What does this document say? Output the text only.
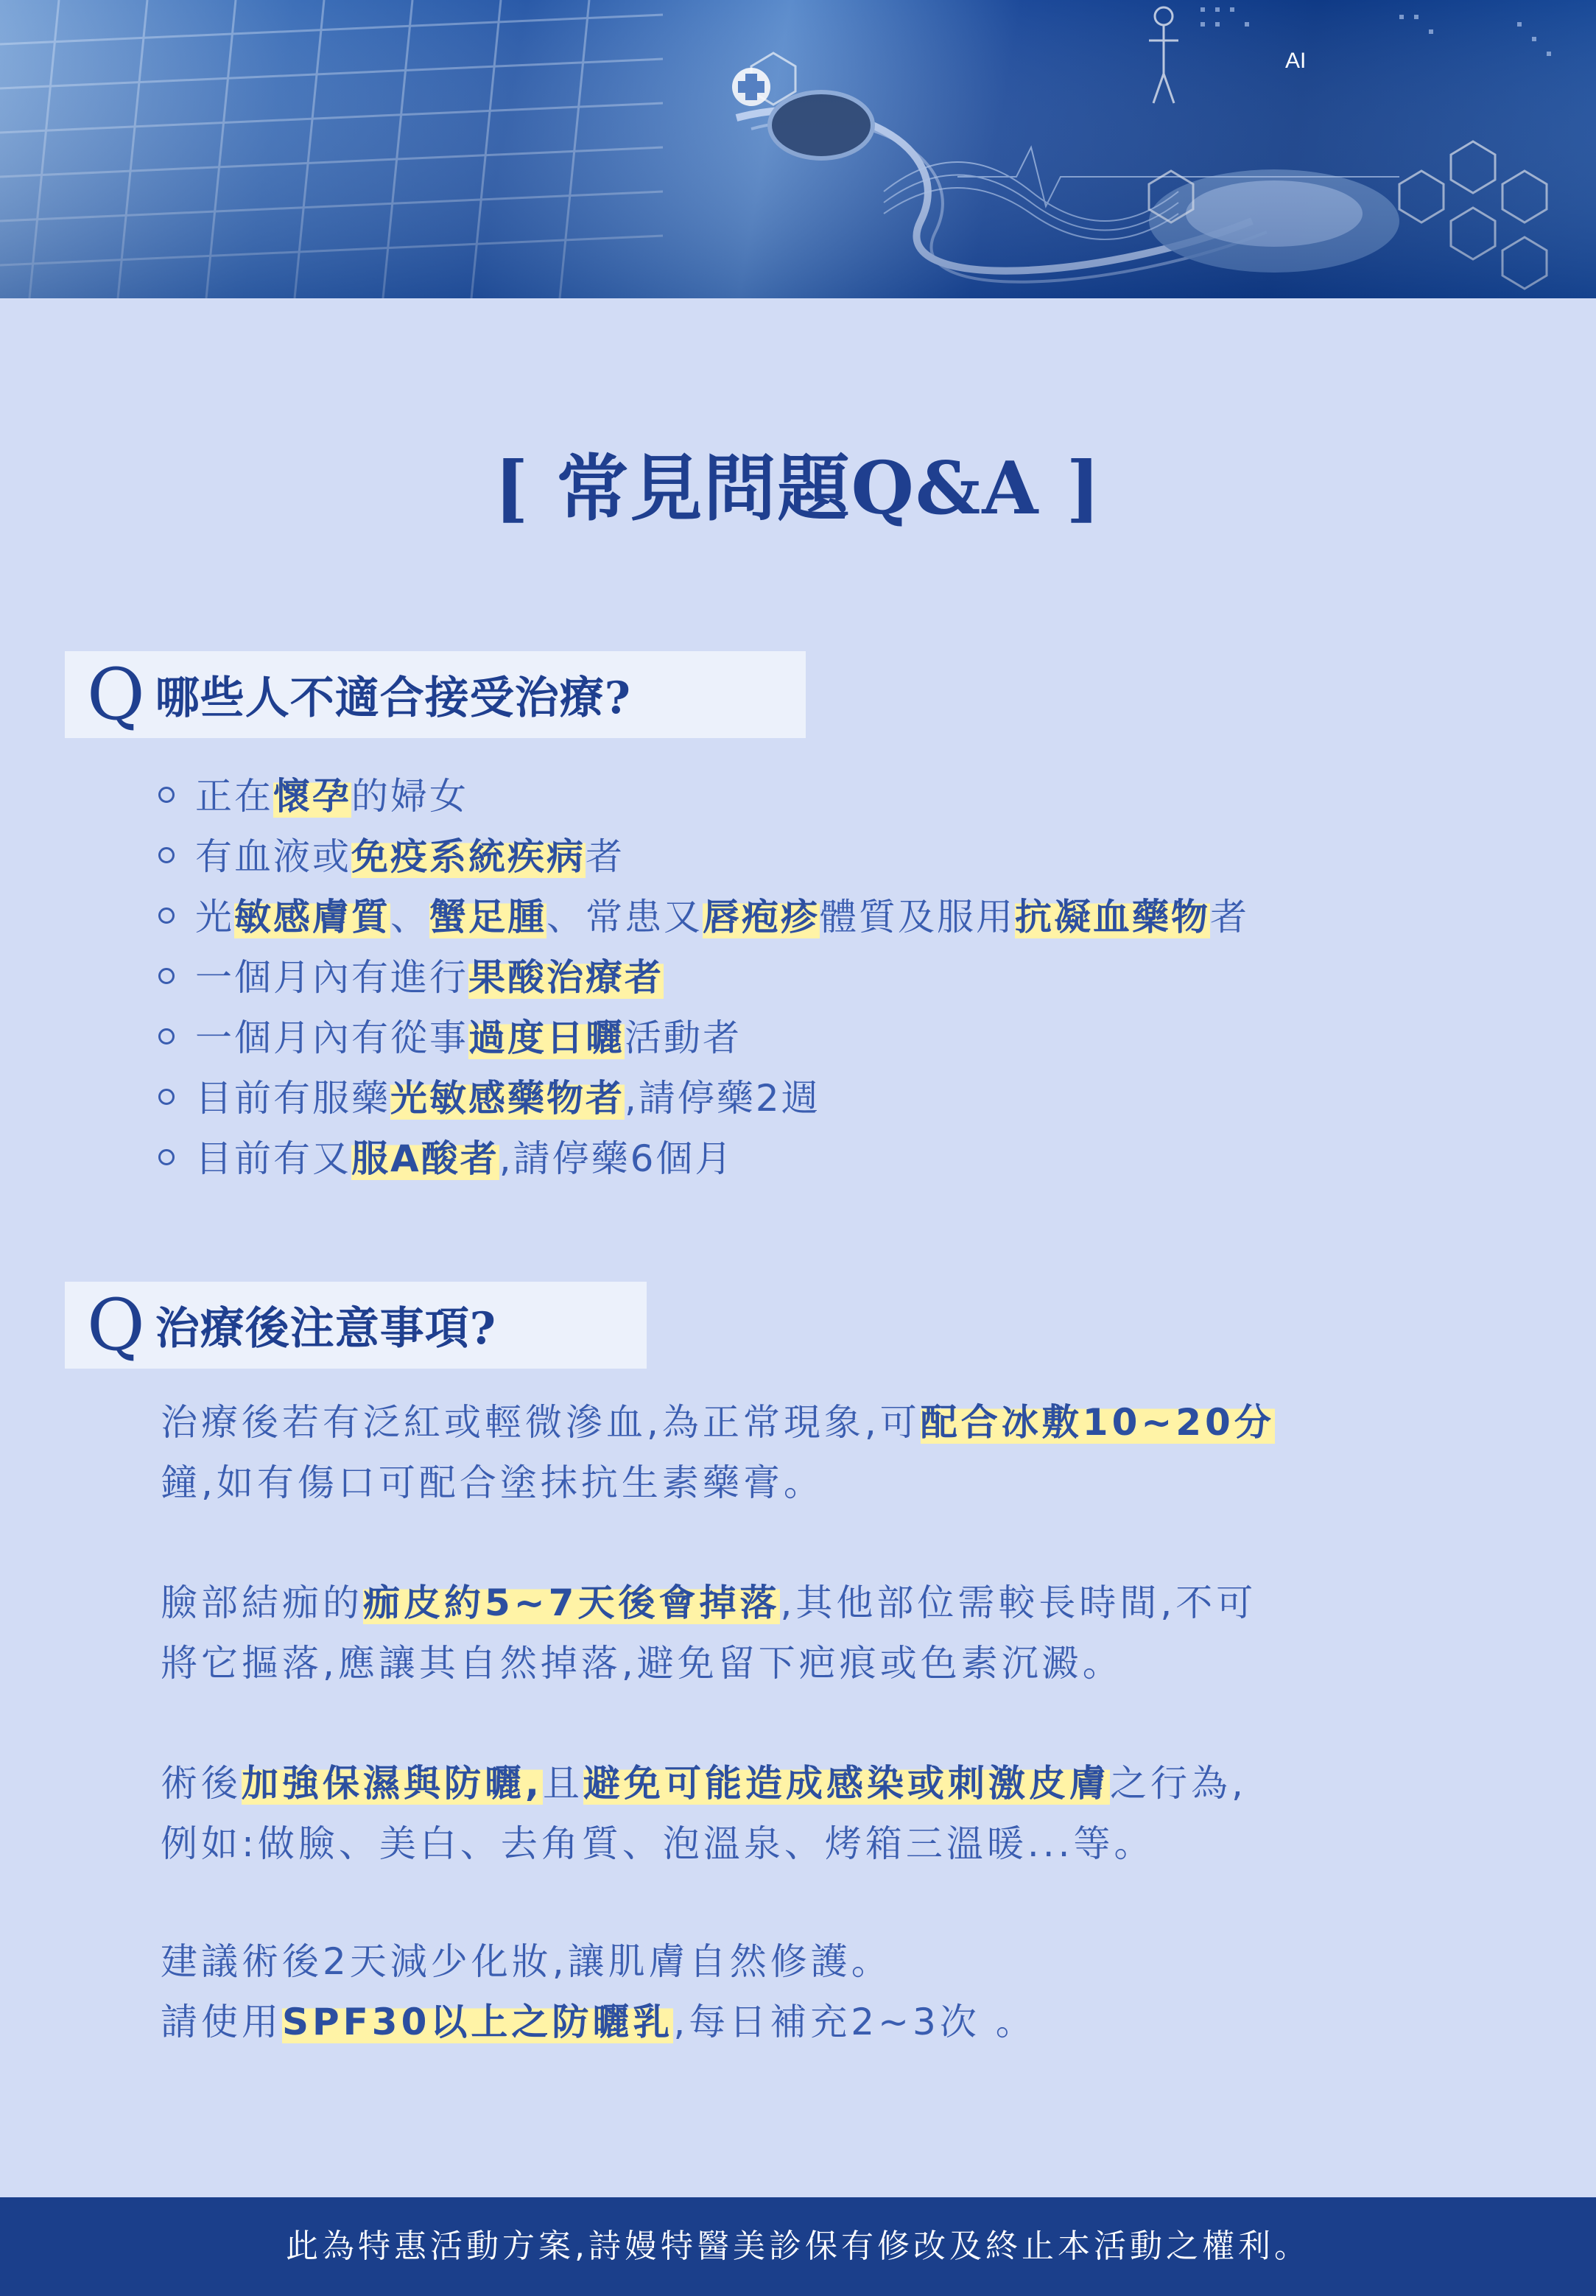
AI
[ 常見問題Q&A ]
Q 哪些人不適合接受治療?
正在懷孕的婦女
有血液或免疫系統疾病者
光敏感膚質、蟹足腫、常患又唇疱疹體質及服用抗凝血藥物者
一個月內有進行果酸治療者
一個月內有從事過度日曬活動者
目前有服藥光敏感藥物者,請停藥2週
目前有又服A酸者,請停藥6個月
Q 治療後注意事項?
治療後若有泛紅或輕微滲血,為正常現象,可配合冰敷10~20分
鐘,如有傷口可配合塗抹抗生素藥膏。
臉部結痂的痂皮約5~7天後會掉落,其他部位需較長時間,不可
將它摳落,應讓其自然掉落,避免留下疤痕或色素沉澱。
術後加強保濕與防曬,且避免可能造成感染或刺激皮膚之行為,
例如:做臉、美白、去角質、泡溫泉、烤箱三溫暖...等。
建議術後2天減少化妝,讓肌膚自然修護。
請使用SPF30以上之防曬乳,每日補充2~3次 。
此為特惠活動方案,詩嫚特醫美診保有修改及終止本活動之權利。
